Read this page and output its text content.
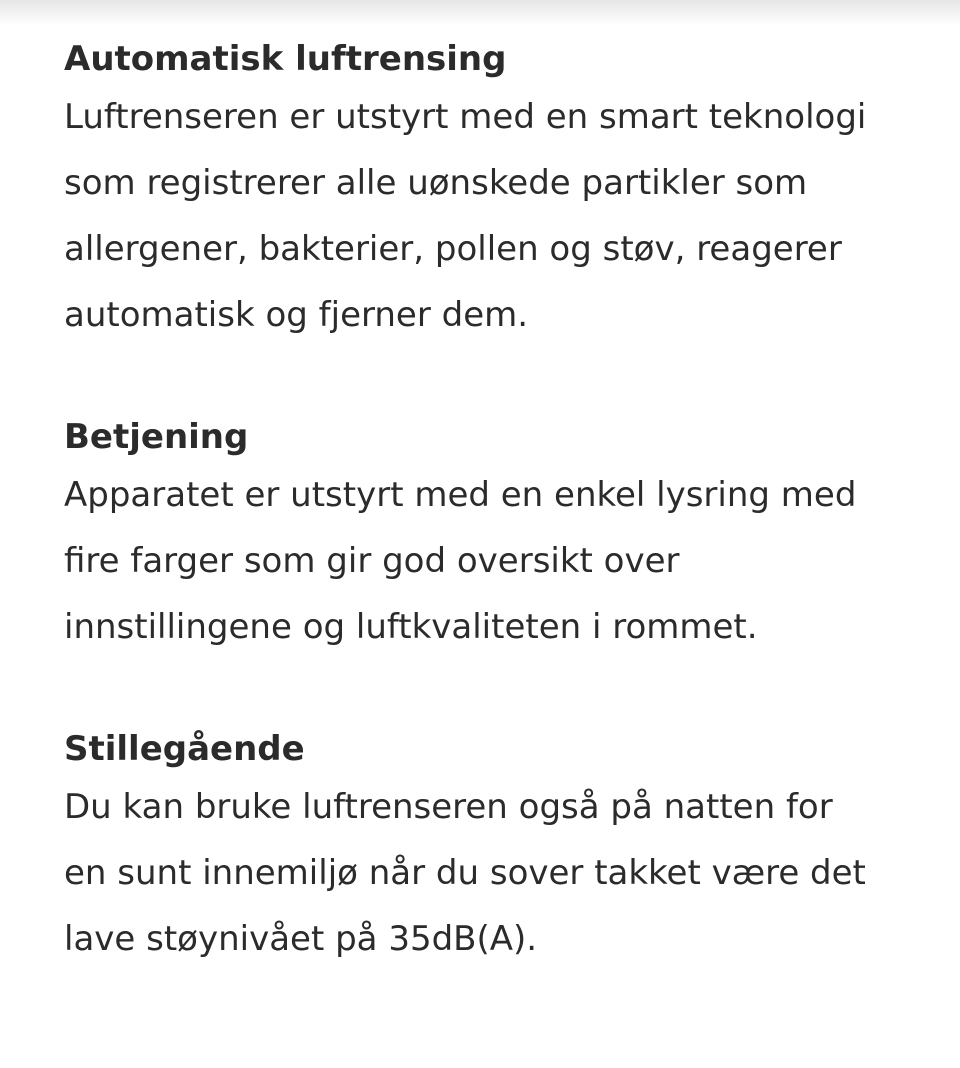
Automatisk luftrensing

Luftrenseren er utstyrt med en smart teknologi
som registrerer alle uønskede partikler som
allergener, bakterier, pollen og støv, reagerer
automatisk og fjerner dem.

Betjening

Apparatet er utstyrt med en enkel lysring med
fire farger som gir god oversikt over
innstillingene og luftkvaliteten i rommet.

Stillegående

Du kan bruke luftrenseren også på natten for
en sunt innemiljø når du sover takket være det
lave støynivået på 35dB(A).
